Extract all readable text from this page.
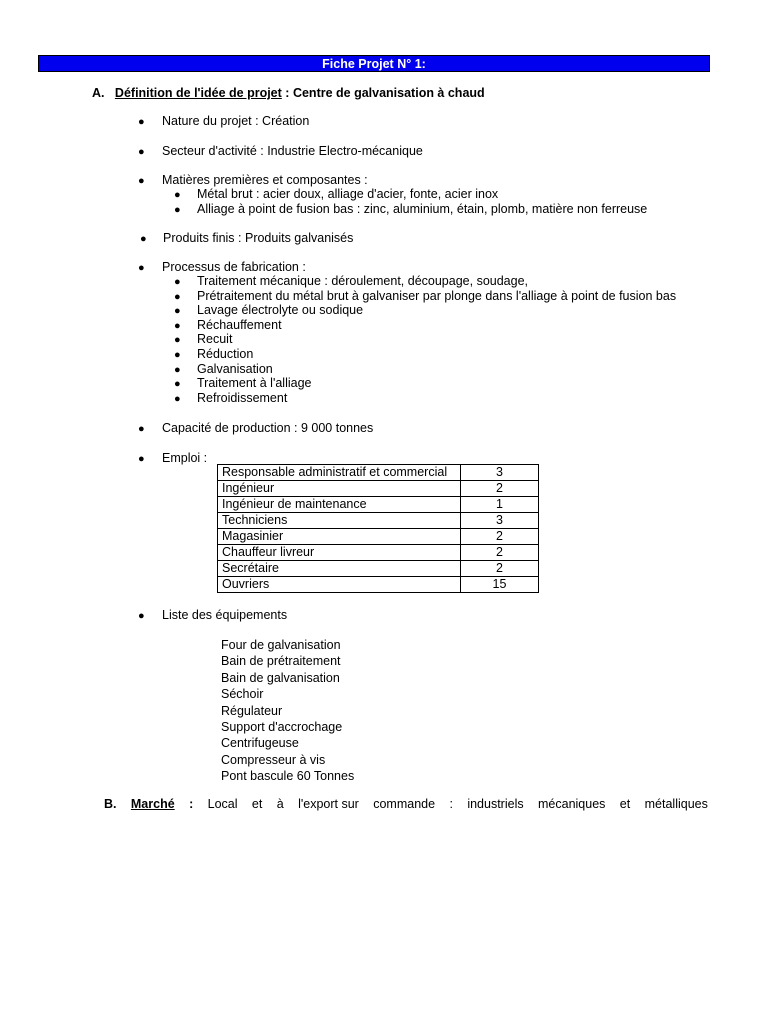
Fiche Projet N° 1:
A. Définition de l'idée de projet : Centre de galvanisation à chaud
● Nature du projet : Création
● Secteur d'activité : Industrie Electro-mécanique
● Matières premières et composantes :
● Métal brut : acier doux, alliage d'acier, fonte, acier inox
● Alliage à point de fusion bas : zinc, aluminium, étain, plomb, matière non ferreuse
● Produits finis : Produits galvanisés
● Processus de fabrication :
● Traitement mécanique : déroulement, découpage, soudage,
● Prétraitement du métal brut à galvaniser par plonge dans l'alliage à point de fusion bas
● Lavage électrolyte ou sodique
● Réchauffement
● Recuit
● Réduction
● Galvanisation
● Traitement à l'alliage
● Refroidissement
● Capacité de production : 9 000 tonnes
● Emploi :
Responsable administratif et commercial	3
Ingénieur	2
Ingénieur de maintenance	1
Techniciens	3
Magasinier	2
Chauffeur livreur	2
Secrétaire	2
Ouvriers	15
● Liste des équipements
Four de galvanisation
Bain de prétraitement
Bain de galvanisation
Séchoir
Régulateur
Support d'accrochage
Centrifugeuse
Compresseur à vis
Pont bascule 60 Tonnes
B. Marché : Local et à l'export sur commande : industriels mécaniques et métalliques
